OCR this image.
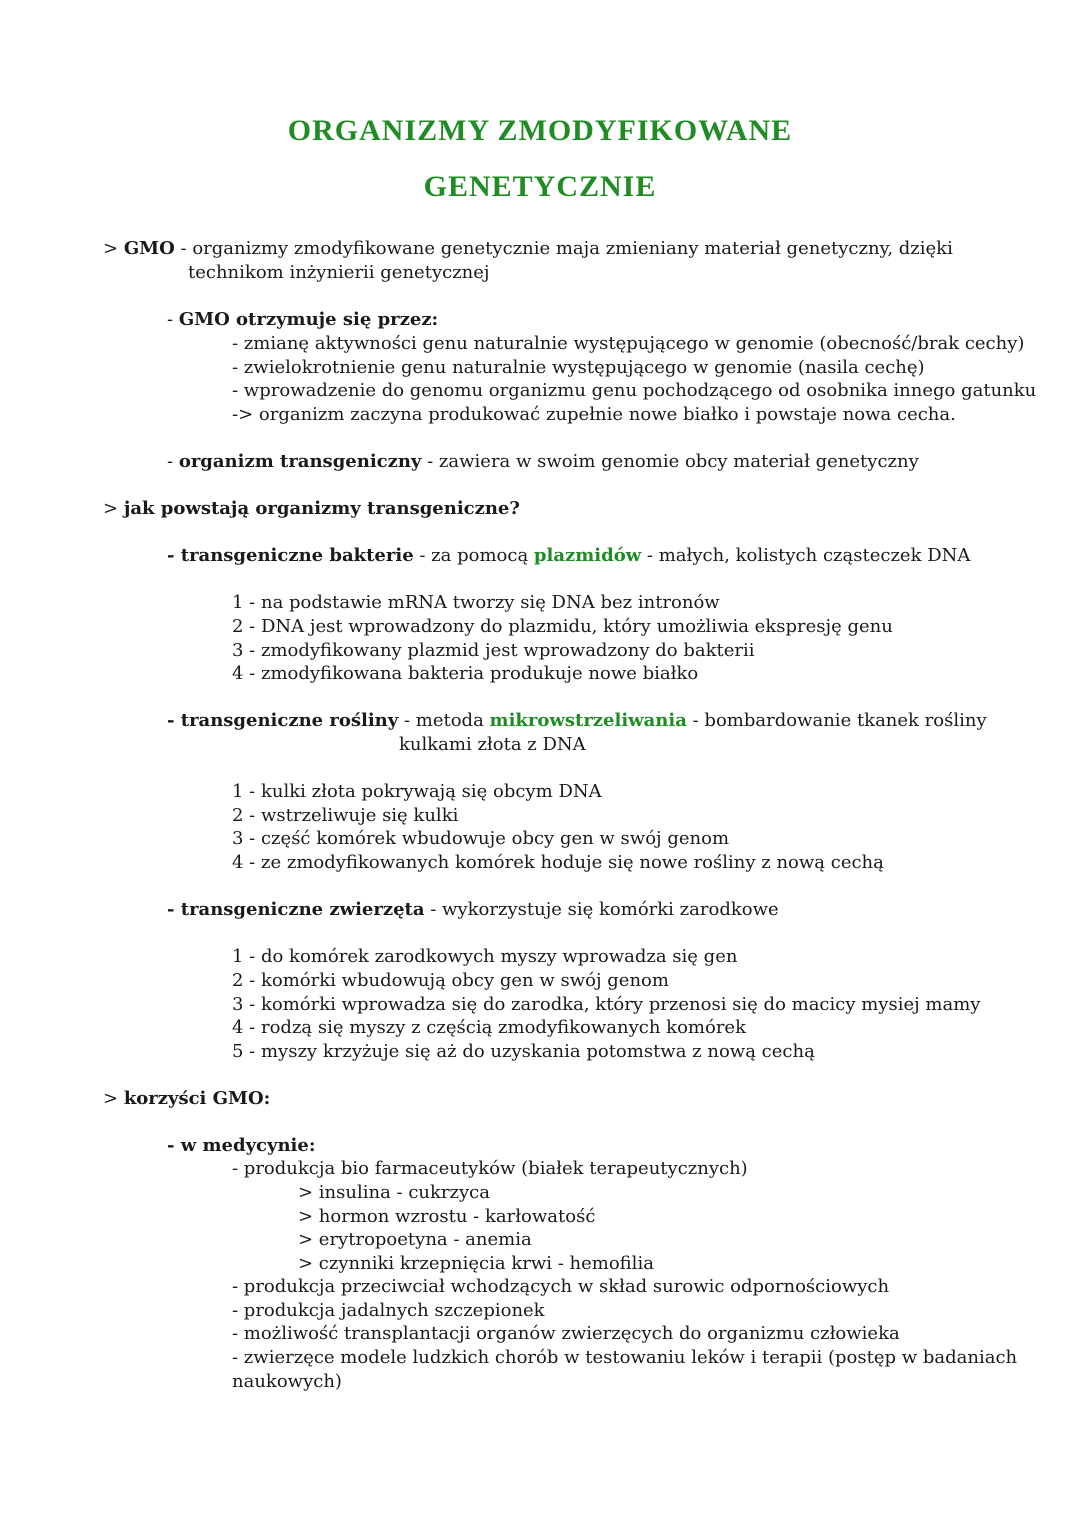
ORGANIZMY ZMODYFIKOWANE
GENETYCZNIE
> GMO - organizmy zmodyfikowane genetycznie maja zmieniany materiał genetyczny, dzięki
technikom inżynierii genetycznej
- GMO otrzymuje się przez:
- zmianę aktywności genu naturalnie występującego w genomie (obecność/brak cechy)
- zwielokrotnienie genu naturalnie występującego w genomie (nasila cechę)
- wprowadzenie do genomu organizmu genu pochodzącego od osobnika innego gatunku
-> organizm zaczyna produkować zupełnie nowe białko i powstaje nowa cecha.
- organizm transgeniczny - zawiera w swoim genomie obcy materiał genetyczny
> jak powstają organizmy transgeniczne?
- transgeniczne bakterie - za pomocą plazmidów - małych, kolistych cząsteczek DNA
1 - na podstawie mRNA tworzy się DNA bez intronów
2 - DNA jest wprowadzony do plazmidu, który umożliwia ekspresję genu
3 - zmodyfikowany plazmid jest wprowadzony do bakterii
4 - zmodyfikowana bakteria produkuje nowe białko
- transgeniczne rośliny - metoda mikrowstrzeliwania - bombardowanie tkanek rośliny
kulkami złota z DNA
1 - kulki złota pokrywają się obcym DNA
2 - wstrzeliwuje się kulki
3 - część komórek wbudowuje obcy gen w swój genom
4 - ze zmodyfikowanych komórek hoduje się nowe rośliny z nową cechą
- transgeniczne zwierzęta - wykorzystuje się komórki zarodkowe
1 - do komórek zarodkowych myszy wprowadza się gen
2 - komórki wbudowują obcy gen w swój genom
3 - komórki wprowadza się do zarodka, który przenosi się do macicy mysiej mamy
4 - rodzą się myszy z częścią zmodyfikowanych komórek
5 - myszy krzyżuje się aż do uzyskania potomstwa z nową cechą
> korzyści GMO:
- w medycynie:
- produkcja bio farmaceutyków (białek terapeutycznych)
> insulina - cukrzyca
> hormon wzrostu - karłowatość
> erytropoetyna - anemia
> czynniki krzepnięcia krwi - hemofilia
- produkcja przeciwciał wchodzących w skład surowic odpornościowych
- produkcja jadalnych szczepionek
- możliwość transplantacji organów zwierzęcych do organizmu człowieka
- zwierzęce modele ludzkich chorób w testowaniu leków i terapii (postęp w badaniach
naukowych)
